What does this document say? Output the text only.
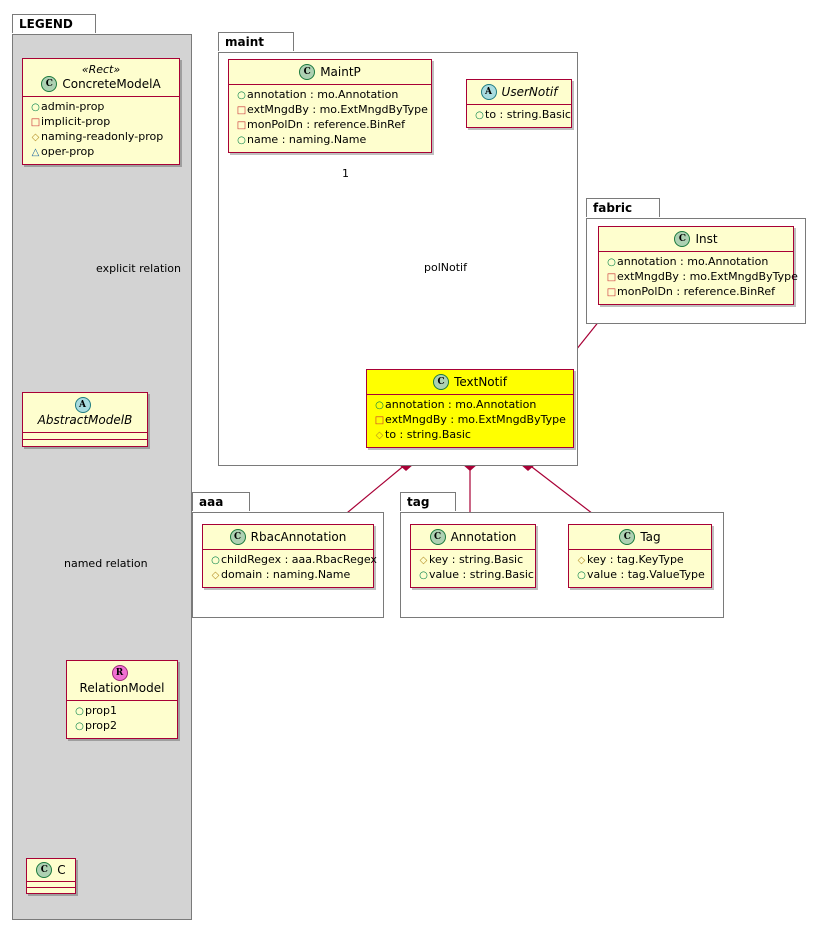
LEGEND
«Rect»
C ConcreteModelA
○admin-prop
□implicit-prop
◇ naming-readonly-prop
△ oper-prop
AAbstractModelB
RRelationModel
○prop1
○prop2
C C
explicit relation
named relation
maint
C MaintP
○annotation : mo.Annotation
□extMngdBy : mo.ExtMngdByType
□monPolDn : reference.BinRef
○name : naming.Name
A UserNotif
○to : string.Basic
C TextNotif
○annotation : mo.Annotation
□extMngdBy : mo.ExtMngdByType
◇ to : string.Basic
polNotif
1
fabric
C Inst
○annotation : mo.Annotation
□extMngdBy : mo.ExtMngdByType
□monPolDn : reference.BinRef
aaa
C RbacAnnotation
○childRegex : aaa.RbacRegex
◇ domain : naming.Name
tag
C Annotation
◇ key : string.Basic
○value : string.Basic
C Tag
◇ key : tag.KeyType
○value : tag.ValueType
